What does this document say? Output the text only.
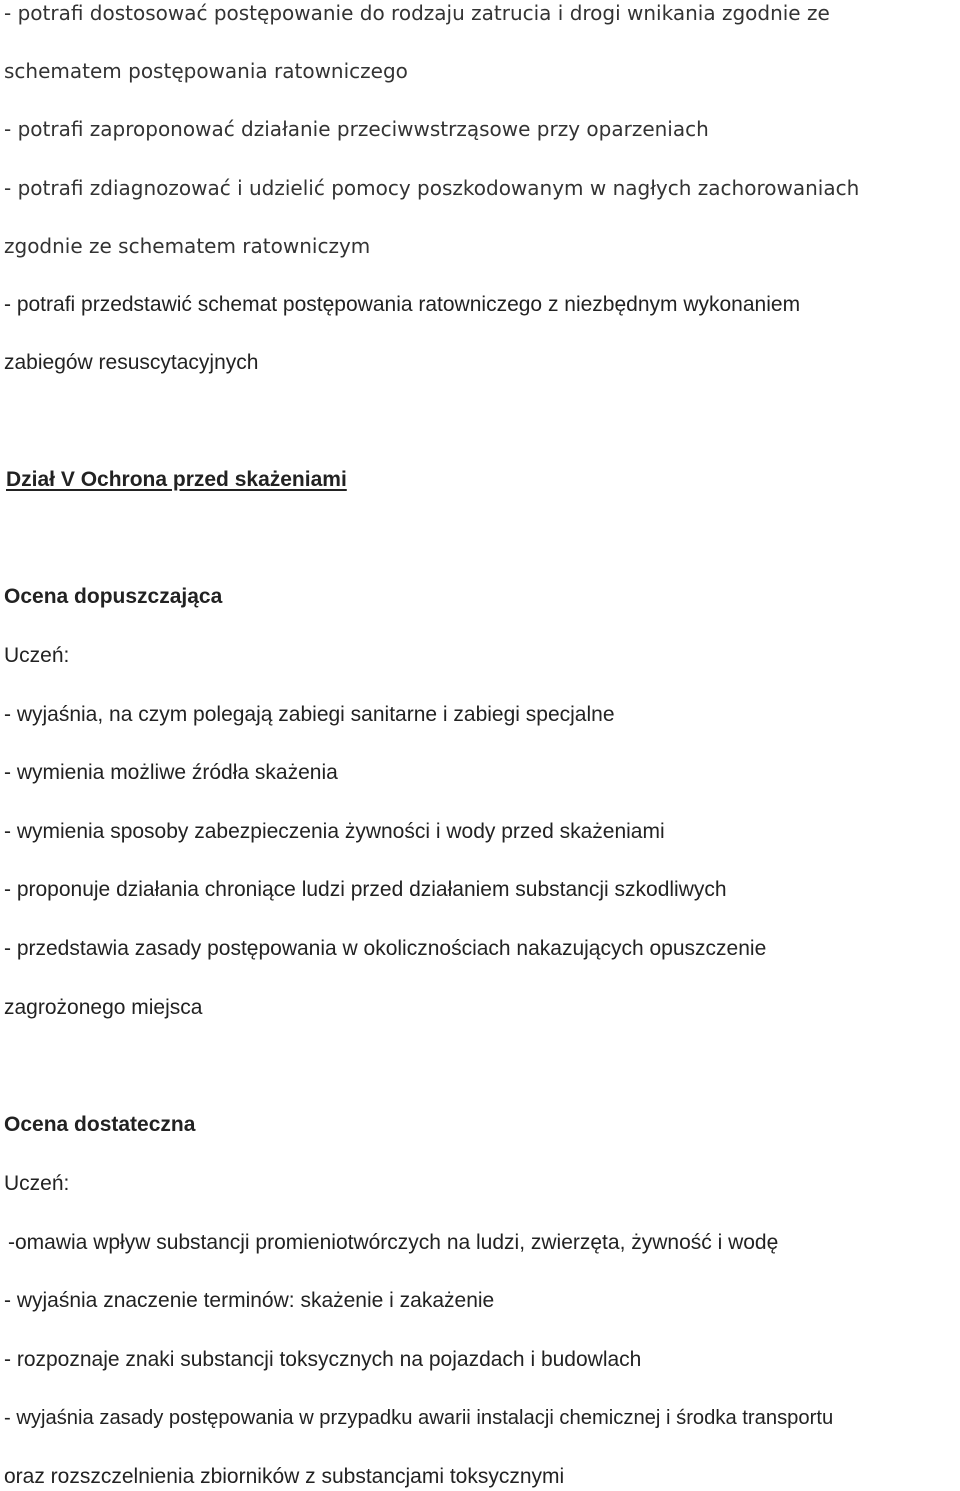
- potrafi dostosować postępowanie do rodzaju zatrucia i drogi wnikania zgodnie ze
schematem postępowania ratowniczego
- potrafi zaproponować działanie przeciwwstrząsowe przy oparzeniach
- potrafi zdiagnozować i udzielić pomocy poszkodowanym w nagłych zachorowaniach
zgodnie ze schematem ratowniczym
- potrafi przedstawić schemat postępowania ratowniczego z niezbędnym wykonaniem
zabiegów resuscytacyjnych
Dział V Ochrona przed skażeniami
Ocena dopuszczająca
Uczeń:
- wyjaśnia, na czym polegają zabiegi sanitarne i zabiegi specjalne
- wymienia możliwe źródła skażenia
- wymienia sposoby zabezpieczenia żywności i wody przed skażeniami
- proponuje działania chroniące ludzi przed działaniem substancji szkodliwych
- przedstawia zasady postępowania w okolicznościach nakazujących opuszczenie
zagrożonego miejsca
Ocena dostateczna
Uczeń:
-omawia wpływ substancji promieniotwórczych na ludzi, zwierzęta, żywność i wodę
- wyjaśnia znaczenie terminów: skażenie i zakażenie
- rozpoznaje znaki substancji toksycznych na pojazdach i budowlach
- wyjaśnia zasady postępowania w przypadku awarii instalacji chemicznej i środka transportu
oraz rozszczelnienia zbiorników z substancjami toksycznymi
